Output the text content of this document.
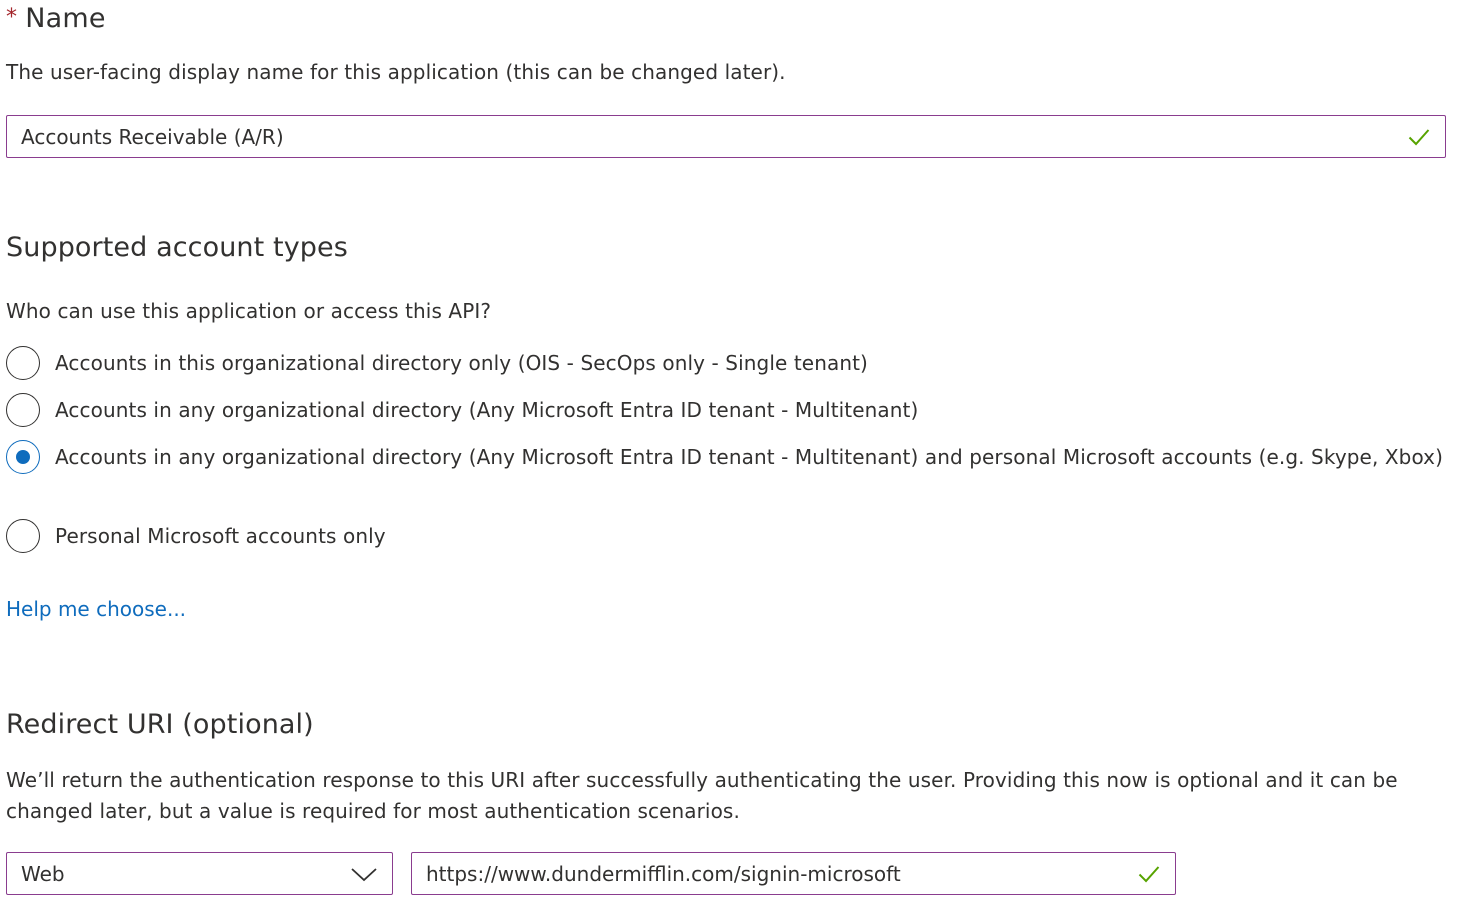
* Name
The user-facing display name for this application (this can be changed later).
Accounts Receivable (A/R)
Supported account types
Who can use this application or access this API?
Accounts in this organizational directory only (OIS - SecOps only - Single tenant)
Accounts in any organizational directory (Any Microsoft Entra ID tenant - Multitenant)
Accounts in any organizational directory (Any Microsoft Entra ID tenant - Multitenant) and personal Microsoft accounts (e.g. Skype, Xbox)
Personal Microsoft accounts only
Help me choose...
Redirect URI (optional)
We’ll return the authentication response to this URI after successfully authenticating the user. Providing this now is optional and it can be changed later, but a value is required for most authentication scenarios.
Web	https://www.dundermifflin.com/signin-microsoft
